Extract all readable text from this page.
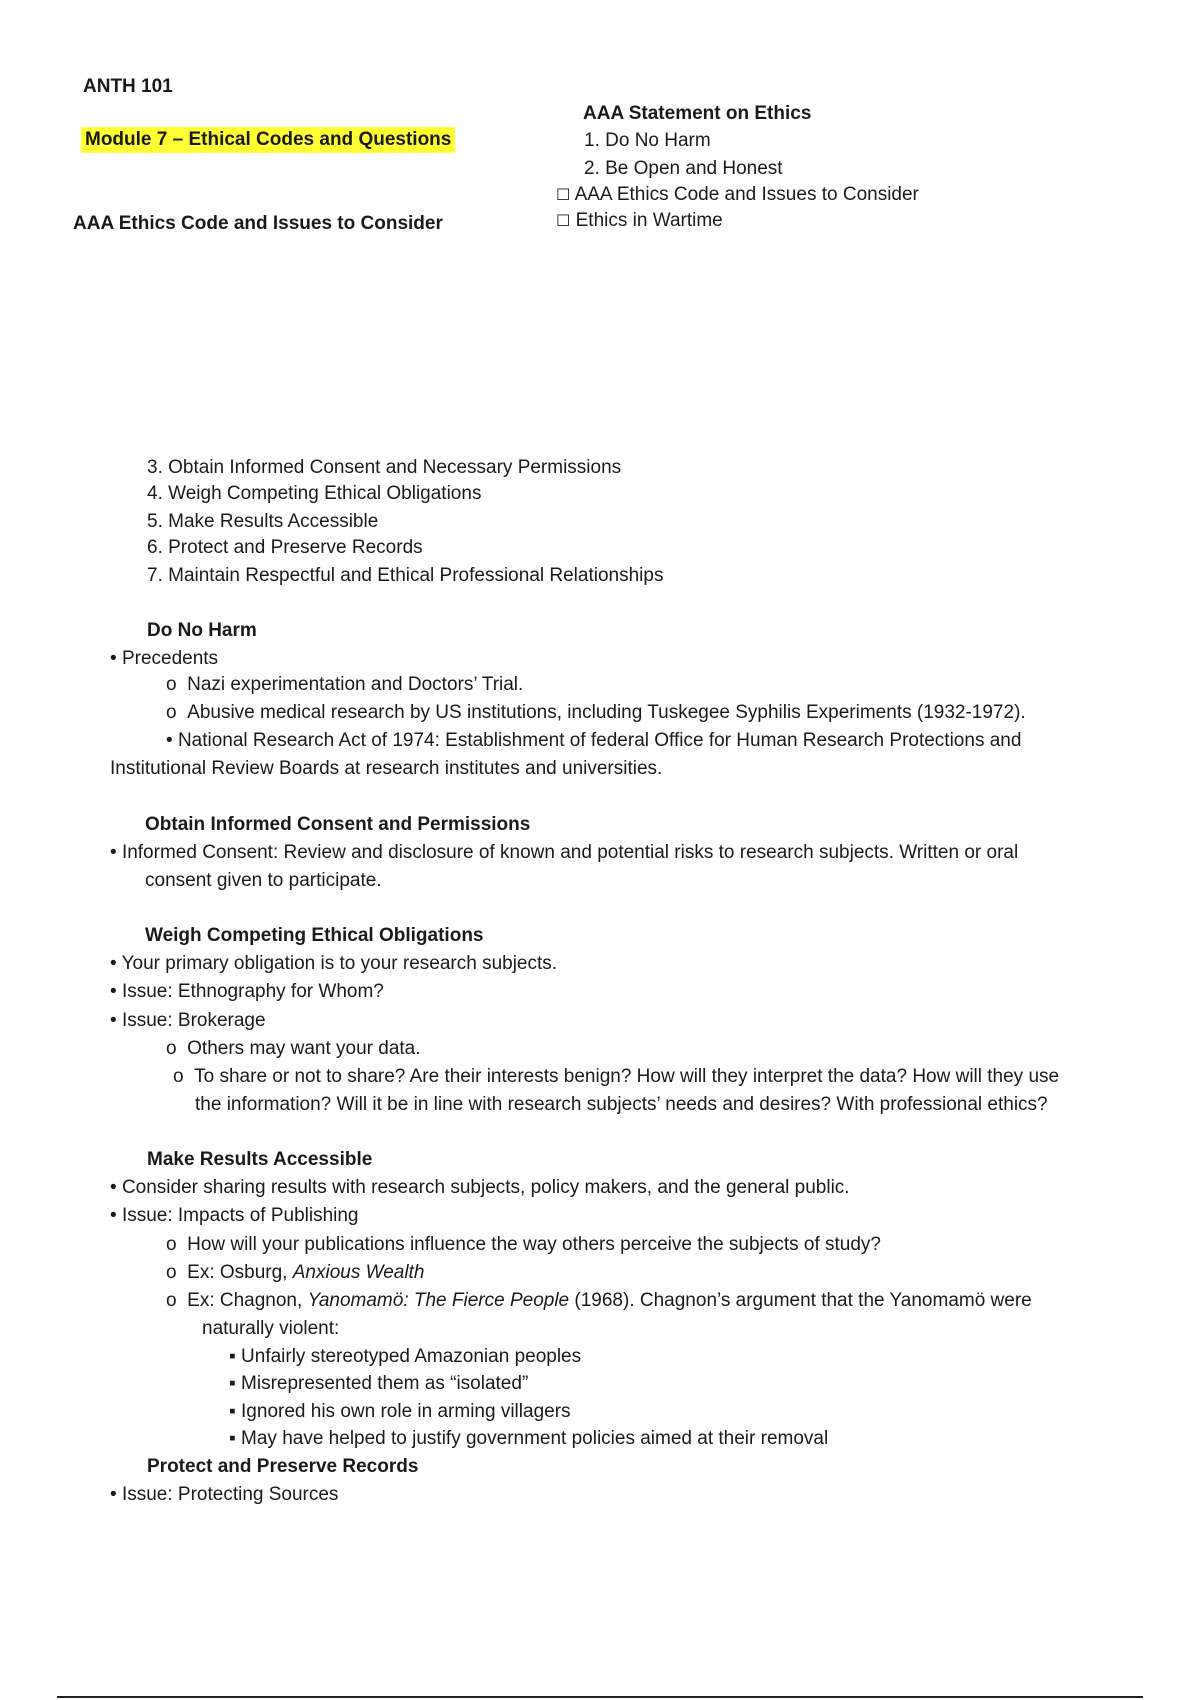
ANTH 101
Module 7 – Ethical Codes and Questions
AAA Ethics Code and Issues to Consider
AAA Statement on Ethics
1. Do No Harm
2. Be Open and Honest
☐ AAA Ethics Code and Issues to Consider
☐ Ethics in Wartime
3. Obtain Informed Consent and Necessary Permissions
4. Weigh Competing Ethical Obligations
5. Make Results Accessible
6. Protect and Preserve Records
7. Maintain Respectful and Ethical Professional Relationships
Do No Harm
• Precedents
o Nazi experimentation and Doctors’ Trial.
o Abusive medical research by US institutions, including Tuskegee Syphilis Experiments (1932-1972).
• National Research Act of 1974: Establishment of federal Office for Human Research Protections and
Institutional Review Boards at research institutes and universities.
Obtain Informed Consent and Permissions
• Informed Consent: Review and disclosure of known and potential risks to research subjects. Written or oral
consent given to participate.
Weigh Competing Ethical Obligations
• Your primary obligation is to your research subjects.
• Issue: Ethnography for Whom?
• Issue: Brokerage
o Others may want your data.
o To share or not to share? Are their interests benign? How will they interpret the data? How will they use
the information? Will it be in line with research subjects’ needs and desires? With professional ethics?
Make Results Accessible
• Consider sharing results with research subjects, policy makers, and the general public.
• Issue: Impacts of Publishing
o How will your publications influence the way others perceive the subjects of study?
o Ex: Osburg, Anxious Wealth
o Ex: Chagnon, Yanomamö: The Fierce People (1968). Chagnon’s argument that the Yanomamö were
naturally violent:
▪ Unfairly stereotyped Amazonian peoples
▪ Misrepresented them as “isolated”
▪ Ignored his own role in arming villagers
▪ May have helped to justify government policies aimed at their removal
Protect and Preserve Records
• Issue: Protecting Sources
